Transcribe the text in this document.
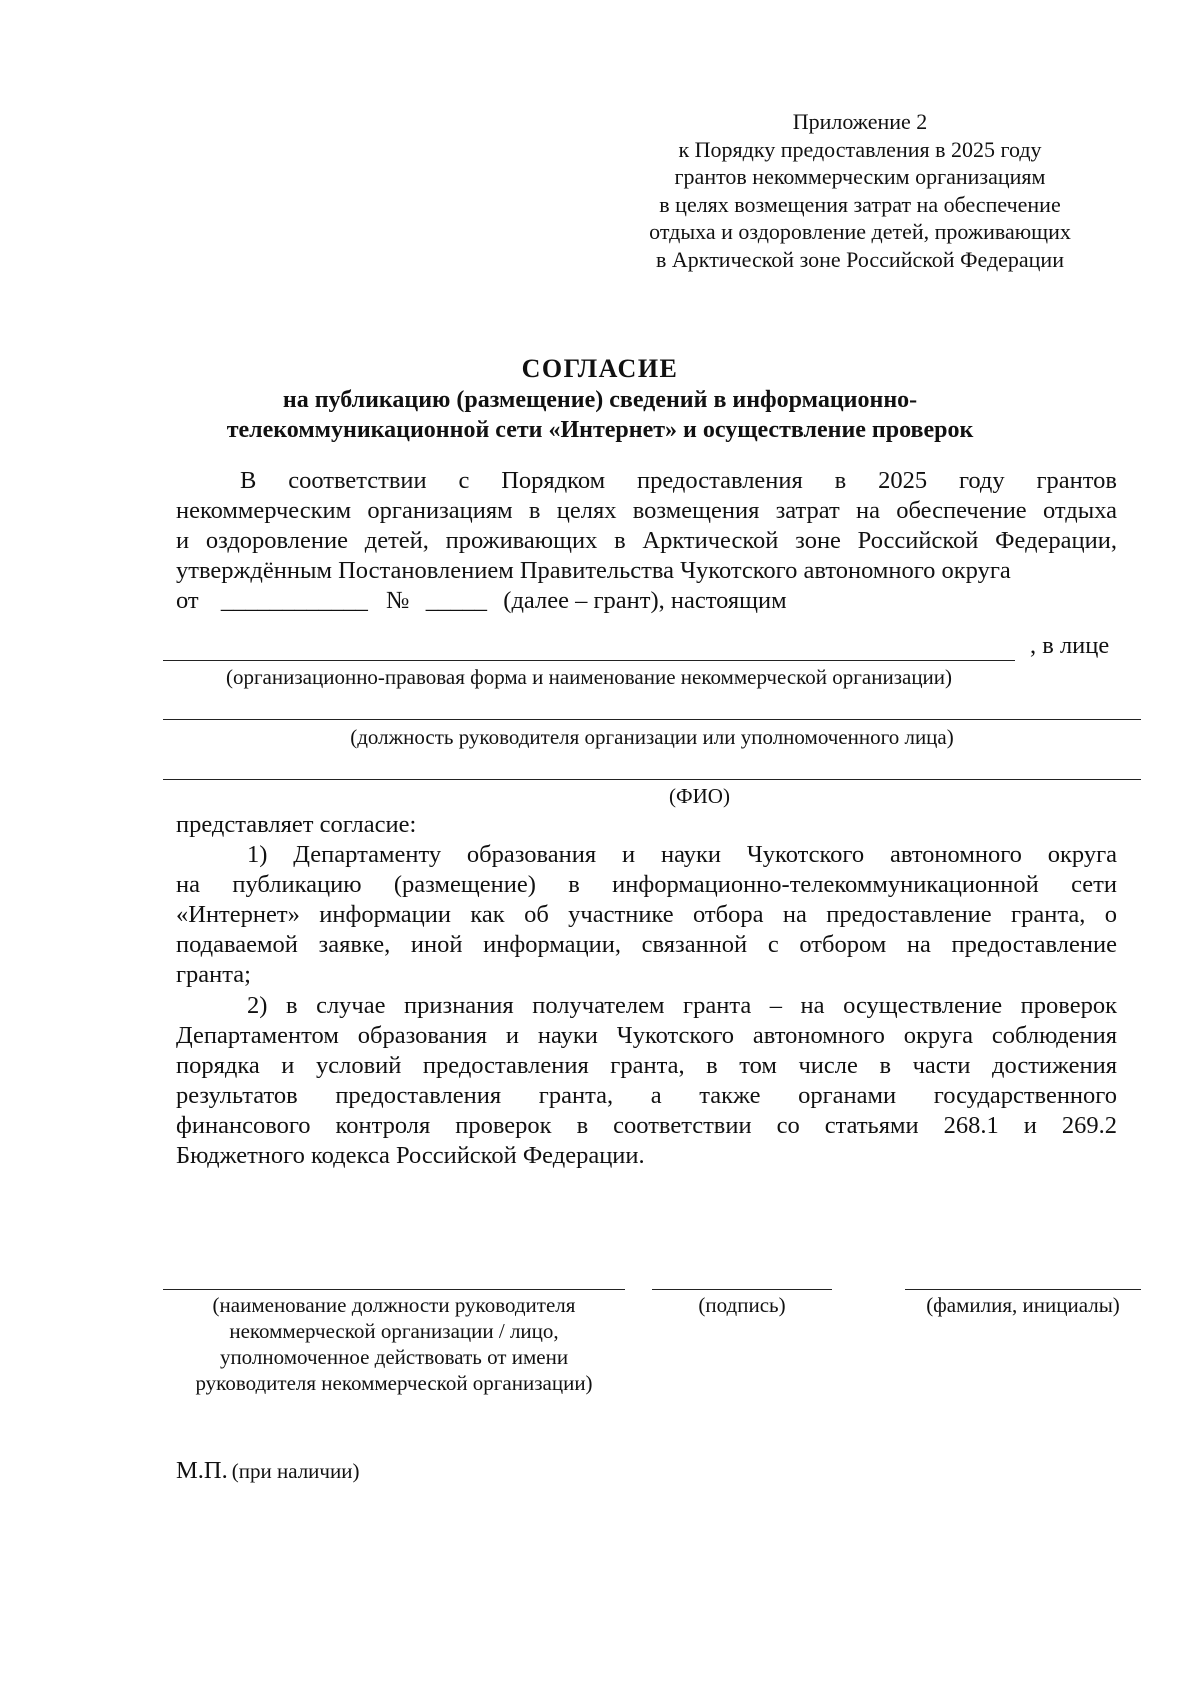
Приложение 2
к Порядку предоставления в 2025 году
грантов некоммерческим организациям
в целях возмещения затрат на обеспечение
отдыха и оздоровление детей, проживающих
в Арктической зоне Российской Федерации
СОГЛАСИЕ
на публикацию (размещение) сведений в информационно-
телекоммуникационной сети «Интернет» и осуществление проверок
В соответствии с Порядком предоставления в 2025 году грантов
некоммерческим организациям в целях возмещения затрат на обеспечение отдыха
и оздоровление детей, проживающих в Арктической зоне Российской Федерации,
утверждённым Постановлением Правительства Чукотского автономного округа
от ____________ № _____ (далее – грант), настоящим
, в лице
(организационно-правовая форма и наименование некоммерческой организации)
(должность руководителя организации или уполномоченного лица)
(ФИО)
представляет согласие:
1) Департаменту образования и науки Чукотского автономного округа
на публикацию (размещение) в информационно-телекоммуникационной сети
«Интернет» информации как об участнике отбора на предоставление гранта, о
подаваемой заявке, иной информации, связанной с отбором на предоставление
гранта;
2) в случае признания получателем гранта – на осуществление проверок
Департаментом образования и науки Чукотского автономного округа соблюдения
порядка и условий предоставления гранта, в том числе в части достижения
результатов предоставления гранта, а также органами государственного
финансового контроля проверок в соответствии со статьями 268.1 и 269.2
Бюджетного кодекса Российской Федерации.
(наименование должности руководителя
некоммерческой организации / лицо,
уполномоченное действовать от имени
руководителя некоммерческой организации)
(подпись)	(фамилия, инициалы)
М.П. (при наличии)
